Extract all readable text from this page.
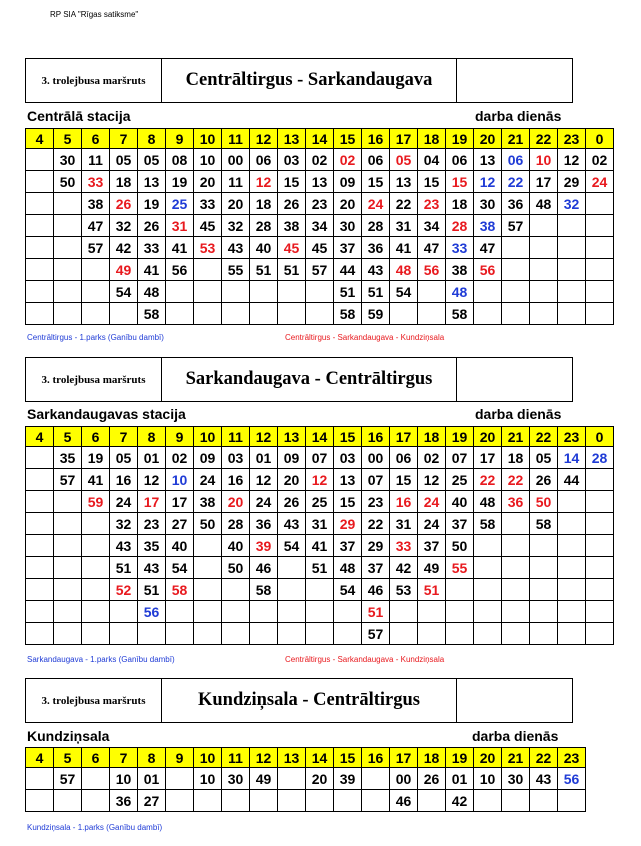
RP SIA "Rīgas satiksme"
3. trolejbusa maršruts	Centrāltirgus - Sarkandaugava
Centrālā stacija	darba dienās
4	5	6	7	8	9	10	11	12	13	14	15	16	17	18	19	20	21	22	23	0
	30	11	05	05	08	10	00	06	03	02	02	06	05	04	06	13	06	10	12	02
	50	33	18	13	19	20	11	12	15	13	09	15	13	15	15	12	22	17	29	24
		38	26	19	25	33	20	18	26	23	20	24	22	23	18	30	36	48	32	
		47	32	26	31	45	32	28	38	34	30	28	31	34	28	38	57			
		57	42	33	41	53	43	40	45	45	37	36	41	47	33	47				
			49	41	56		55	51	51	57	44	43	48	56	38	56				
			54	48							51	51	54		48					
				58							58	59			58					
Centrāltirgus - 1.parks (Ganību dambī)	Centrāltirgus - Sarkandaugava - Kundziņsala
3. trolejbusa maršruts	Sarkandaugava - Centrāltirgus
Sarkandaugavas stacija	darba dienās
4	5	6	7	8	9	10	11	12	13	14	15	16	17	18	19	20	21	22	23	0
	35	19	05	01	02	09	03	01	09	07	03	00	06	02	07	17	18	05	14	28
	57	41	16	12	10	24	16	12	20	12	13	07	15	12	25	22	22	26	44	
		59	24	17	17	38	20	24	26	25	15	23	16	24	40	48	36	50		
			32	23	27	50	28	36	43	31	29	22	31	24	37	58		58		
			43	35	40		40	39	54	41	37	29	33	37	50					
			51	43	54		50	46		51	48	37	42	49	55					
			52	51	58			58			54	46	53	51						
				56								51								
												57								
Sarkandaugava - 1.parks (Ganību dambī)	Centrāltirgus - Sarkandaugava - Kundziņsala
3. trolejbusa maršruts	Kundziņsala - Centrāltirgus
Kundziņsala	darba dienās
4	5	6	7	8	9	10	11	12	13	14	15	16	17	18	19	20	21	22	23
	57		10	01		10	30	49		20	39		00	26	01	10	30	43	56
			36	27									46		42				
Kundziņsala - 1.parks (Ganību dambī)
